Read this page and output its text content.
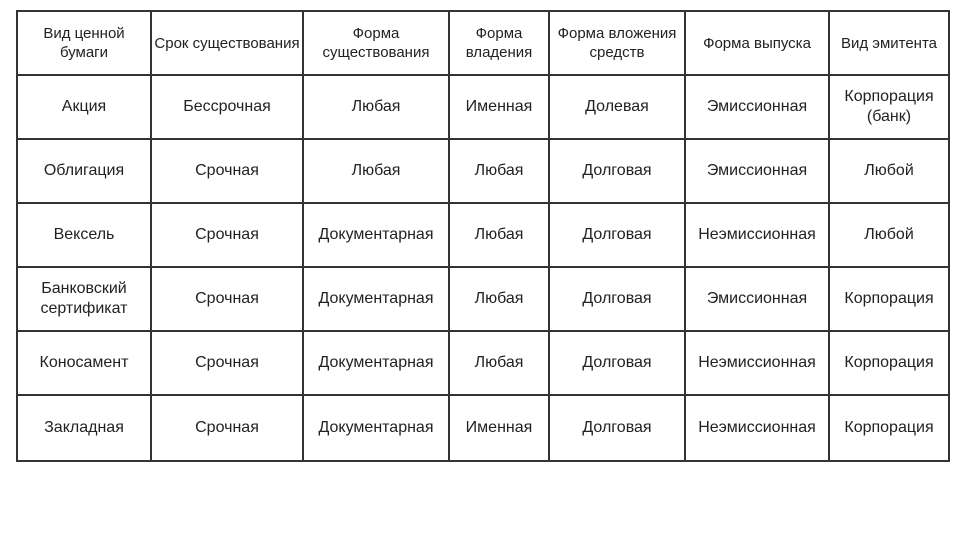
Вид ценной бумаги	Срок существования	Форма существования	Форма владения	Форма вложения средств	Форма выпуска	Вид эмитента
Акция	Бессрочная	Любая	Именная	Долевая	Эмиссионная	Корпорация (банк)
Облигация	Срочная	Любая	Любая	Долговая	Эмиссионная	Любой
Вексель	Срочная	Документарная	Любая	Долговая	Неэмиссионная	Любой
Банковский сертификат	Срочная	Документарная	Любая	Долговая	Эмиссионная	Корпорация
Коносамент	Срочная	Документарная	Любая	Долговая	Неэмиссионная	Корпорация
Закладная	Срочная	Документарная	Именная	Долговая	Неэмиссионная	Корпорация
